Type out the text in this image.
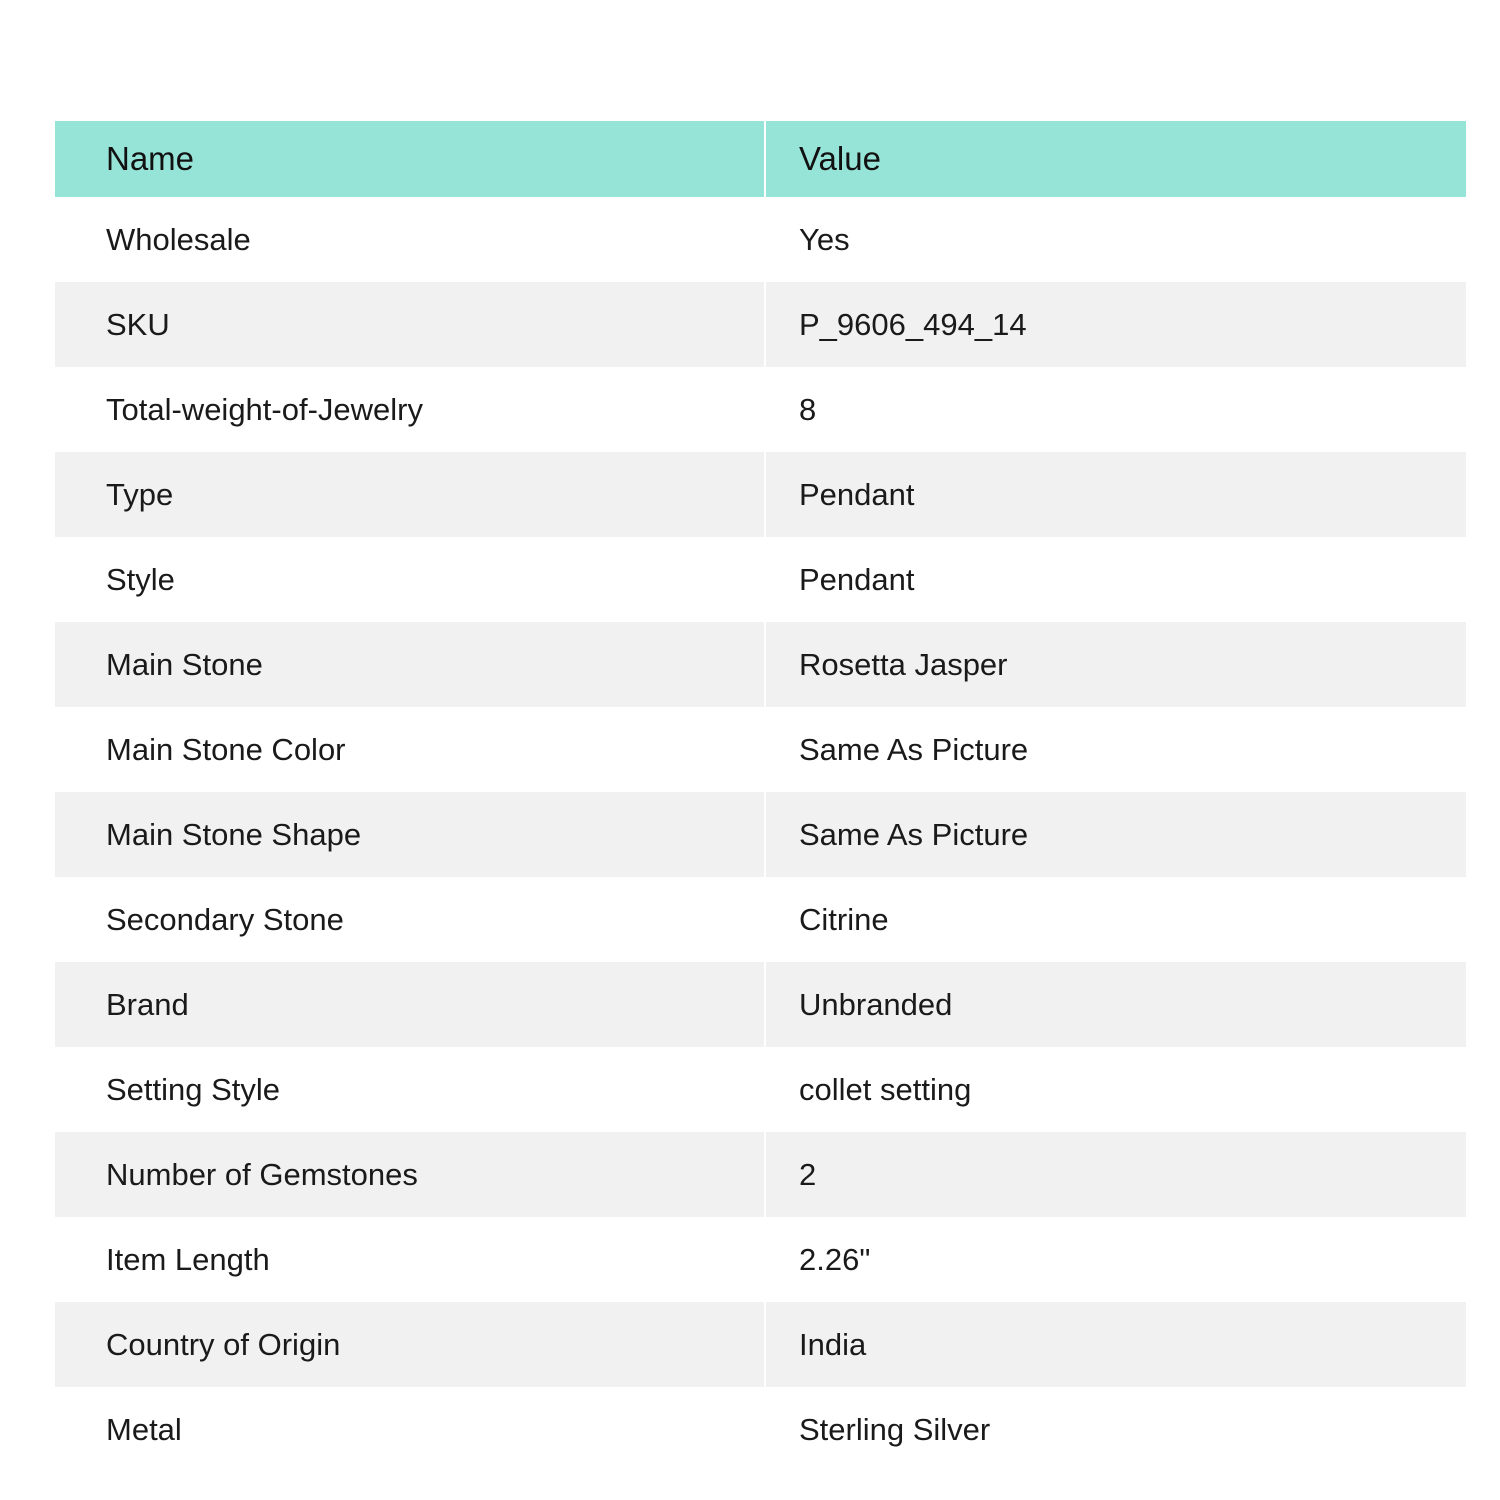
Name	Value
Wholesale	Yes
SKU	P_9606_494_14
Total-weight-of-Jewelry	8
Type	Pendant
Style	Pendant
Main Stone	Rosetta Jasper
Main Stone Color	Same As Picture
Main Stone Shape	Same As Picture
Secondary Stone	Citrine
Brand	Unbranded
Setting Style	collet setting
Number of Gemstones	2
Item Length	2.26"
Country of Origin	India
Metal	Sterling Silver
